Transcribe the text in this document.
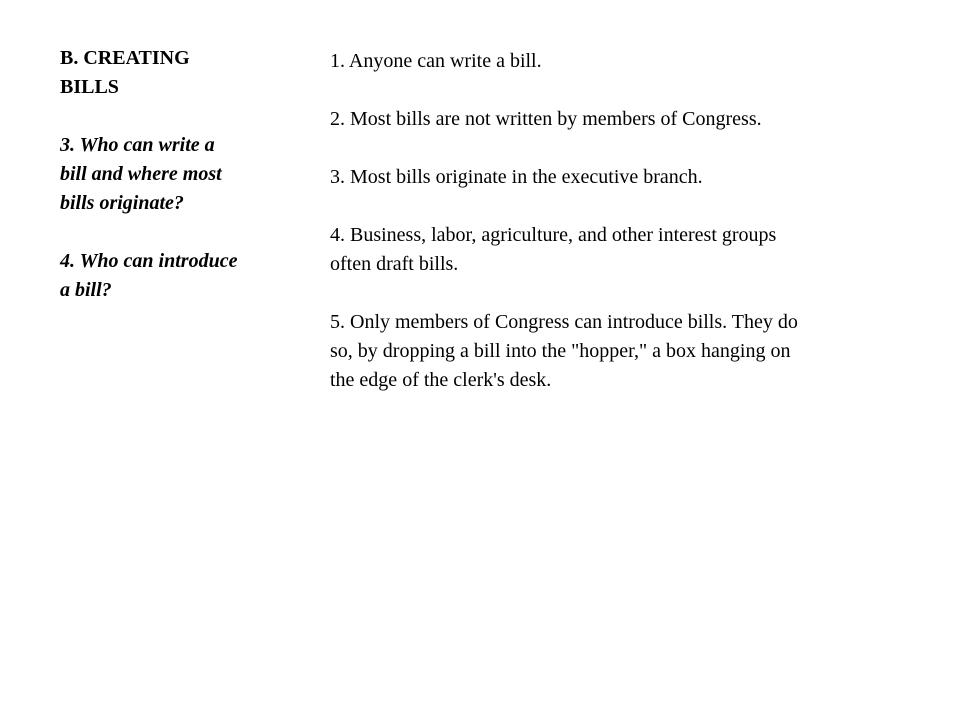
B. CREATING
BILLS

3. Who can write a
bill and where most
bills originate?

4. Who can introduce
a bill?

1. Anyone can write a bill.

2. Most bills are not written by members of Congress.

3. Most bills originate in the executive branch.

4. Business, labor, agriculture, and other interest groups
often draft bills.

5. Only members of Congress can introduce bills. They do
so, by dropping a bill into the "hopper," a box hanging on
the edge of the clerk's desk.
